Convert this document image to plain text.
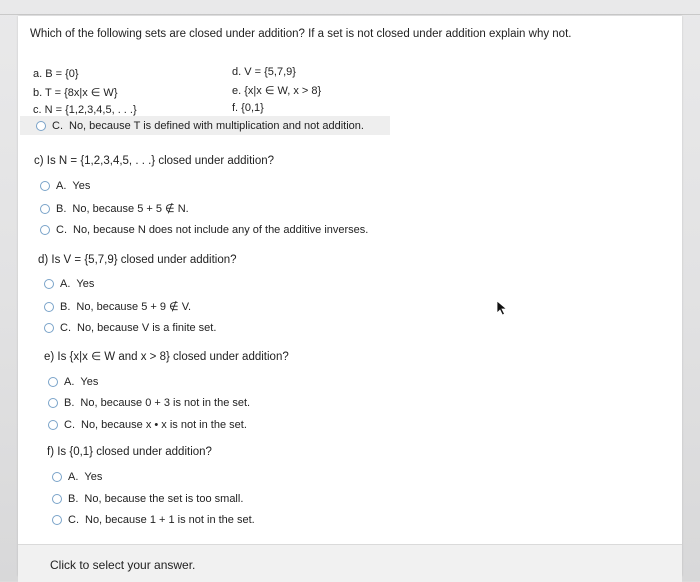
Which of the following sets are closed under addition? If a set is not closed under addition explain why not.
a. B = {0}
b. T = {8x|x ∈ W}
c. N = {1,2,3,4,5, . . .}
d. V = {5,7,9}
e. {x|x ∈ W, x > 8}
f. {0,1}
C. No, because T is defined with multiplication and not addition.
c) Is N = {1,2,3,4,5, . . .} closed under addition?
A. Yes
B. No, because 5 + 5 ∉ N.
C. No, because N does not include any of the additive inverses.
d) Is V = {5,7,9} closed under addition?
A. Yes
B. No, because 5 + 9 ∉ V.
C. No, because V is a finite set.
e) Is {x|x ∈ W and x > 8} closed under addition?
A. Yes
B. No, because 0 + 3 is not in the set.
C. No, because x • x is not in the set.
f) Is {0,1} closed under addition?
A. Yes
B. No, because the set is too small.
C. No, because 1 + 1 is not in the set.
Click to select your answer.
